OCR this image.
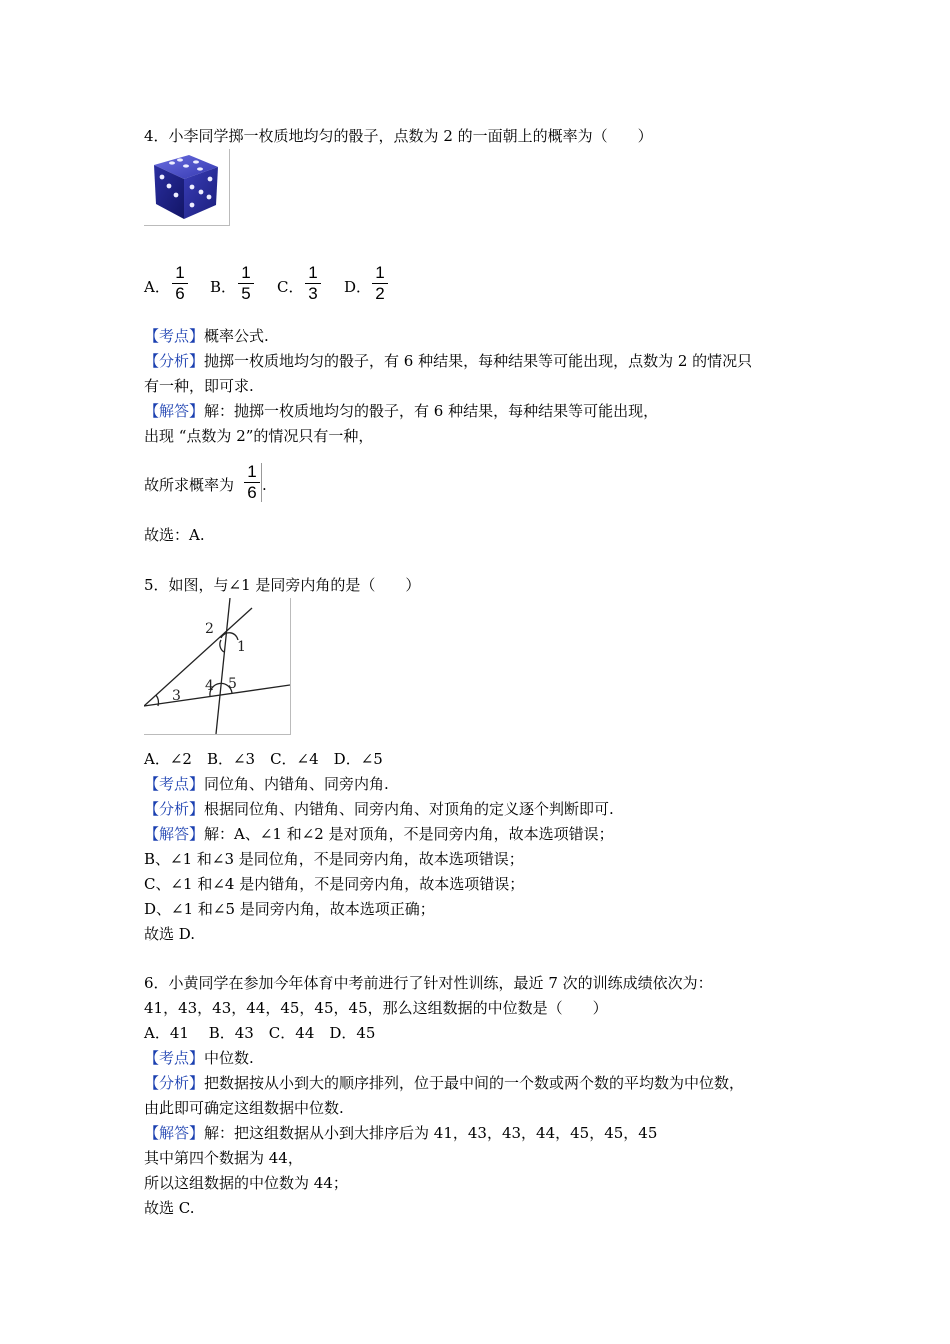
4．小李同学掷一枚质地均匀的骰子，点数为 2 的一面朝上的概率为（　　）
A．
1
6 B．
1
5 C．
1
3 D．
1
2
【考点】概率公式.
【分析】抛掷一枚质地均匀的骰子，有 6 种结果，每种结果等可能出现，点数为 2 的情况只
有一种，即可求.
【解答】解：抛掷一枚质地均匀的骰子，有 6 种结果，每种结果等可能出现，
出现 “点数为 2”的情况只有一种，
故所求概率为
1
6 .
故选：A.
5．如图，与∠1 是同旁内角的是（　　）
2
1
3
4 5
A．∠2　B．∠3　C．∠4　D．∠5
【考点】同位角、内错角、同旁内角.
【分析】根据同位角、内错角、同旁内角、对顶角的定义逐个判断即可.
【解答】解：A、∠1 和∠2 是对顶角，不是同旁内角，故本选项错误；
B、∠1 和∠3 是同位角，不是同旁内角，故本选项错误；
C、∠1 和∠4 是内错角，不是同旁内角，故本选项错误；
D、∠1 和∠5 是同旁内角，故本选项正确；
故选 D.
6．小黄同学在参加今年体育中考前进行了针对性训练，最近 7 次的训练成绩依次为：
41，43，43，44，45，45，45，那么这组数据的中位数是（　　）
A．41　 B．43　C．44　D．45
【考点】中位数.
【分析】把数据按从小到大的顺序排列，位于最中间的一个数或两个数的平均数为中位数，
由此即可确定这组数据中位数.
【解答】解：把这组数据从小到大排序后为 41，43，43，44，45，45，45
其中第四个数据为 44，
所以这组数据的中位数为 44；
故选 C.
